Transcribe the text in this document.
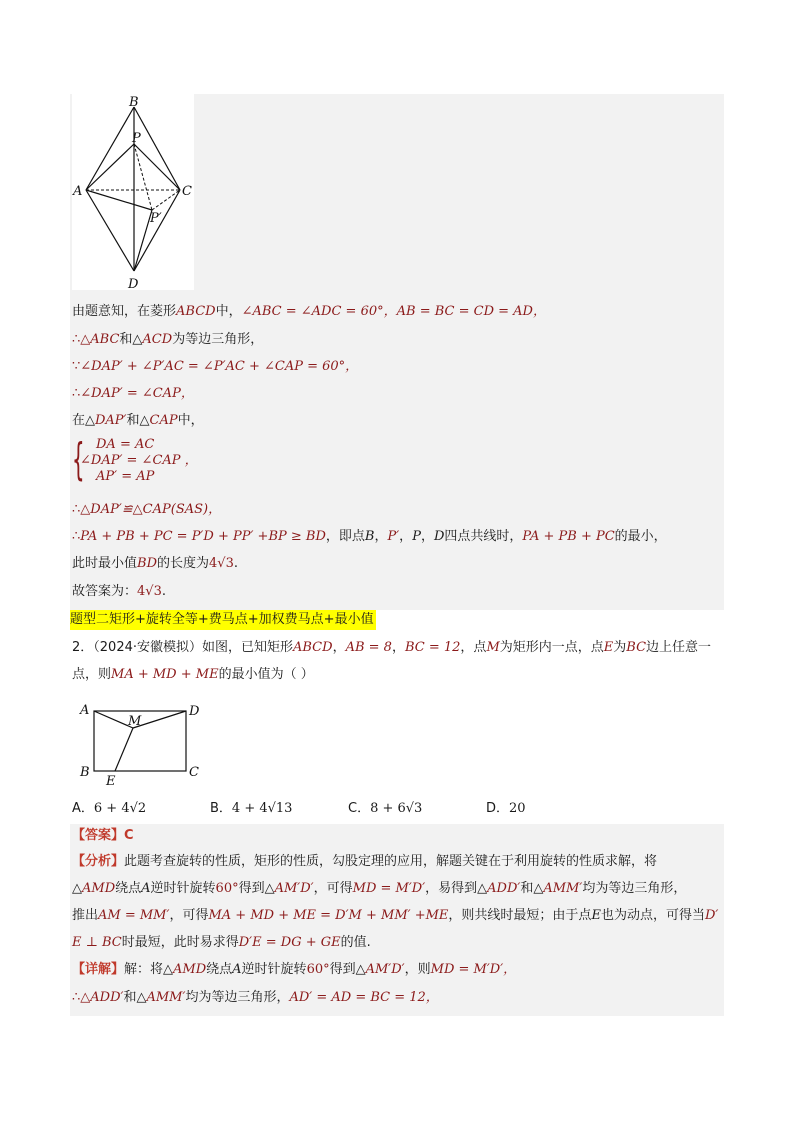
B
P
A	C
P′
D
由题意知，在菱形ABCD中，∠ABC = ∠ADC = 60°，AB = BC = CD = AD，
∴△ABC和△ACD为等边三角形，
∵∠DAP′ + ∠P′AC = ∠P′AC + ∠CAP = 60°，
∴∠DAP′ = ∠CAP，
在△DAP′和△CAP中，
{ DA = AC
∠DAP′ = ∠CAP ，
AP′ = AP
∴△DAP′≌△CAP(SAS)，
∴PA + PB + PC = P′D + PP′ +BP ≥ BD，即点B，P′，P，D四点共线时，PA + PB + PC的最小，
此时最小值BD的长度为4√3.
故答案为：4√3.
题型二矩形+旋转全等+费马点+加权费马点+最小值
2．（2024·安徽模拟）如图，已知矩形ABCD，AB = 8，BC = 12，点M为矩形内一点，点E为BC边上任意一
点，则MA + MD + ME的最小值为（ ）
A
M
D
B
E
C
A．6 + 4√2	B．4 + 4√13	C．8 + 6√3	D．20
【答案】C
【分析】此题考查旋转的性质，矩形的性质，勾股定理的应用，解题关键在于利用旋转的性质求解，将
△AMD绕点A逆时针旋转60°得到△AM′D′，可得MD = M′D′，易得到△ADD′和△AMM′均为等边三角形，
推出AM = MM′，可得MA + MD + ME = D′M + MM′ +ME，则共线时最短；由于点E也为动点，可得当D′
E ⊥ BC时最短，此时易求得D′E = DG + GE的值.
【详解】解：将△AMD绕点A逆时针旋转60°得到△AM′D′，则MD = M′D′，
∴△ADD′和△AMM′均为等边三角形，AD′ = AD = BC = 12，
